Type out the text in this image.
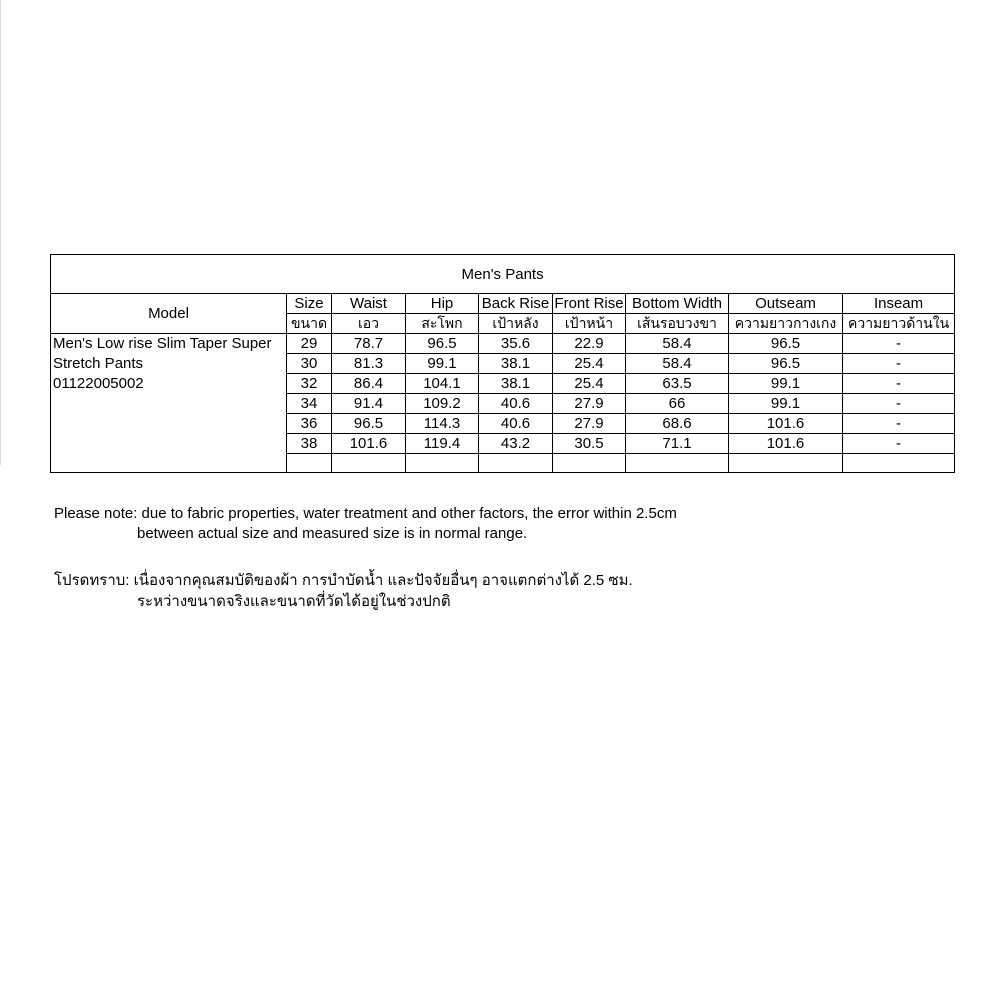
Men's Pants								
Model	Size	Waist	Hip	Back Rise	Front Rise	Bottom Width	Outseam	Inseam
	ขนาด	เอว	สะโพก	เป้าหลัง	เป้าหน้า	เส้นรอบวงขา	ความยาวกางเกง	ความยาวด้านใน

Men's Low rise Slim Taper Super
Stretch Pants
01122005002	29	78.7	96.5	35.6	22.9	58.4	96.5	-
	30	81.3	99.1	38.1	25.4	58.4	96.5	-
	32	86.4	104.1	38.1	25.4	63.5	99.1	-
	34	91.4	109.2	40.6	27.9	66	99.1	-
	36	96.5	114.3	40.6	27.9	68.6	101.6	-
	38	101.6	119.4	43.2	30.5	71.1	101.6	-

Please note: due to fabric properties, water treatment and other factors, the error within 2.5cm
between actual size and measured size is in normal range.
โปรดทราบ: เนื่องจากคุณสมบัติของผ้า การบำบัดน้ำ และปัจจัยอื่นๆ อาจแตกต่างได้ 2.5 ซม.
ระหว่างขนาดจริงและขนาดที่วัดได้อยู่ในช่วงปกติ
